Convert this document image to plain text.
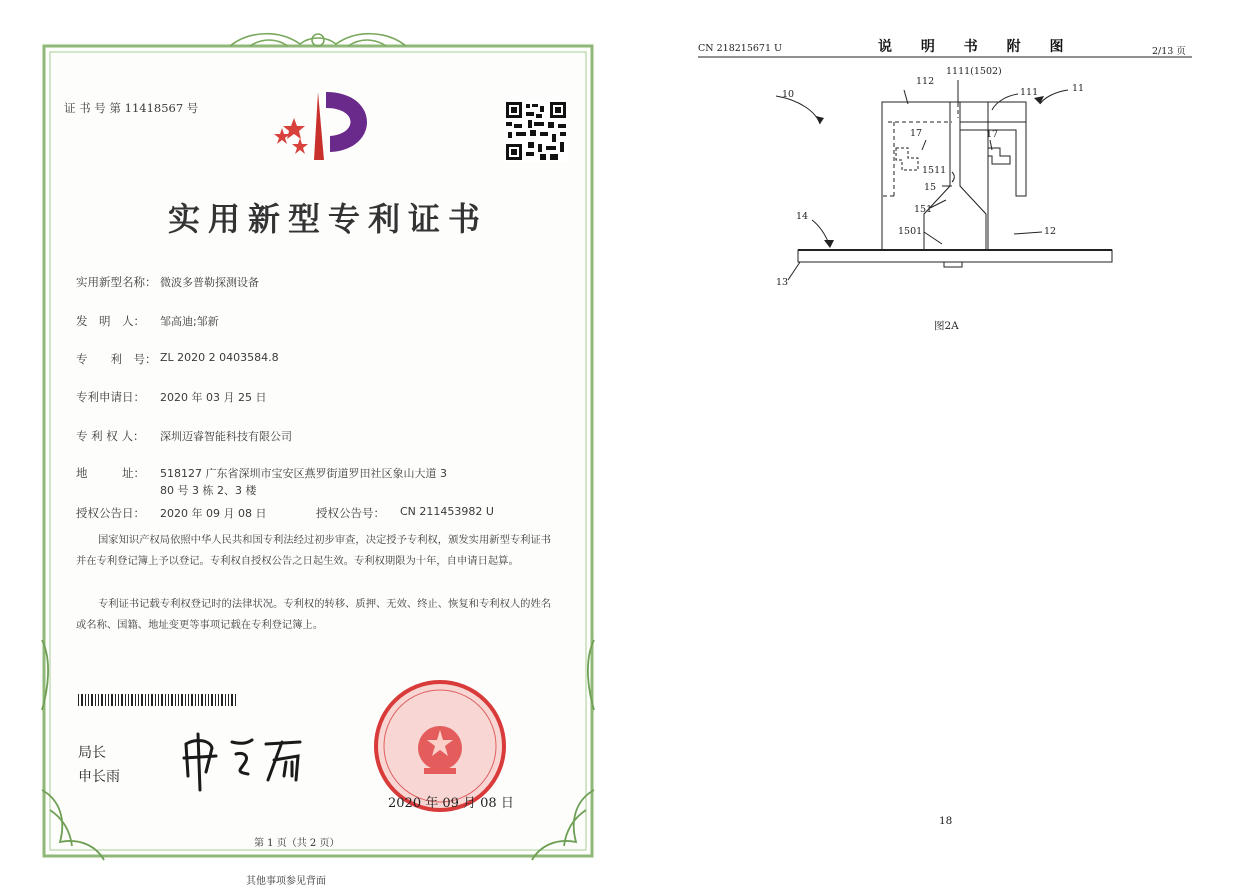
证 书 号 第 11418567 号
实用新型专利证书
实用新型名称： 微波多普勒探测设备
发　明　人： 邹高迪;邹新
专　　利　号： ZL 2020 2 0403584.8
专利申请日： 2020 年 03 月 25 日
专 利 权 人： 深圳迈睿智能科技有限公司
地　　　址： 518127 广东省深圳市宝安区燕罗街道罗田社区象山大道 3
80 号 3 栋 2、3 楼
授权公告日： 2020 年 09 月 08 日	授权公告号： CN 211453982 U
国家知识产权局依照中华人民共和国专利法经过初步审查，决定授予专利权，颁发实用新型专利证书并在专利登记簿上予以登记。专利权自授权公告之日起生效。专利权期限为十年，自申请日起算。
专利证书记载专利权登记时的法律状况。专利权的转移、质押、无效、终止、恢复和专利权人的姓名或名称、国籍、地址变更等事项记载在专利登记簿上。
局长
申长雨
2020 年 09 月 08 日
第 1 页（共 2 页）
其他事项参见背面
CN 218215671 U	说 明 书 附 图	2/13 页
10
112
1111(1502)
111	11
17	17
1511
15
151
14
1501	12
13
图2A
18
